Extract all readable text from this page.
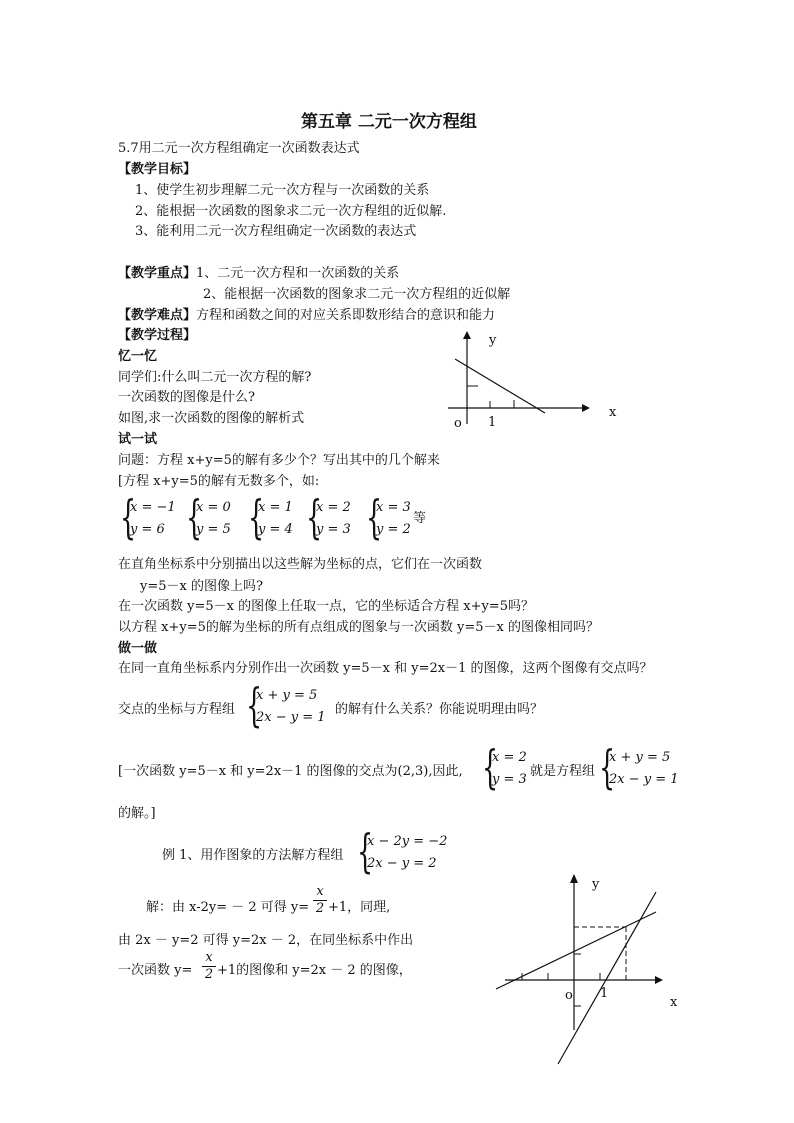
第五章 二元一次方程组
5.7用二元一次方程组确定一次函数表达式
【教学目标】
1、使学生初步理解二元一次方程与一次函数的关系
2、能根据一次函数的图象求二元一次方程组的近似解.
3、能利用二元一次方程组确定一次函数的表达式
【教学重点】1、二元一次方程和一次函数的关系
2、能根据一次函数的图象求二元一次方程组的近似解
【教学难点】方程和函数之间的对应关系即数形结合的意识和能力
【教学过程】
忆一忆
同学们:什么叫二元一次方程的解?
一次函数的图像是什么?
如图,求一次函数的图像的解析式
y
x
o 1
试一试
问题：方程 x+y=5的解有多少个？写出其中的几个解来
[方程 x+y=5的解有无数多个，如:
{
x = −1
y = 6 {
x = 0
y = 5 {
x = 1
y = 4 {
x = 2
y = 3 {
x = 3
y = 2
等
在直角坐标系中分别描出以这些解为坐标的点，它们在一次函数
y=5－x 的图像上吗?
在一次函数 y=5－x 的图像上任取一点，它的坐标适合方程 x+y=5吗？
以方程 x+y=5的解为坐标的所有点组成的图象与一次函数 y=5－x 的图像相同吗？
做一做
在同一直角坐标系内分别作出一次函数 y=5－x 和 y=2x－1 的图像，这两个图像有交点吗？
交点的坐标与方程组 {
x + y = 5
2x − y = 1
的解有什么关系？你能说明理由吗？
[一次函数 y=5－x 和 y=2x－1 的图像的交点为(2,3),因此, {
x = 2
y = 3
就是方程组 {
x + y = 5
2x − y = 1
的解。]
例 1、用作图象的方法解方程组 {
x − 2y = −2
2x − y = 2
解：由 x-2y= － 2 可得 y=
x
2 +1，同理,
由 2x － y=2 可得 y=2x － 2，在同坐标系中作出
一次函数 y=
x
2 +1的图像和 y=2x － 2 的图像，
y
x
o 1
